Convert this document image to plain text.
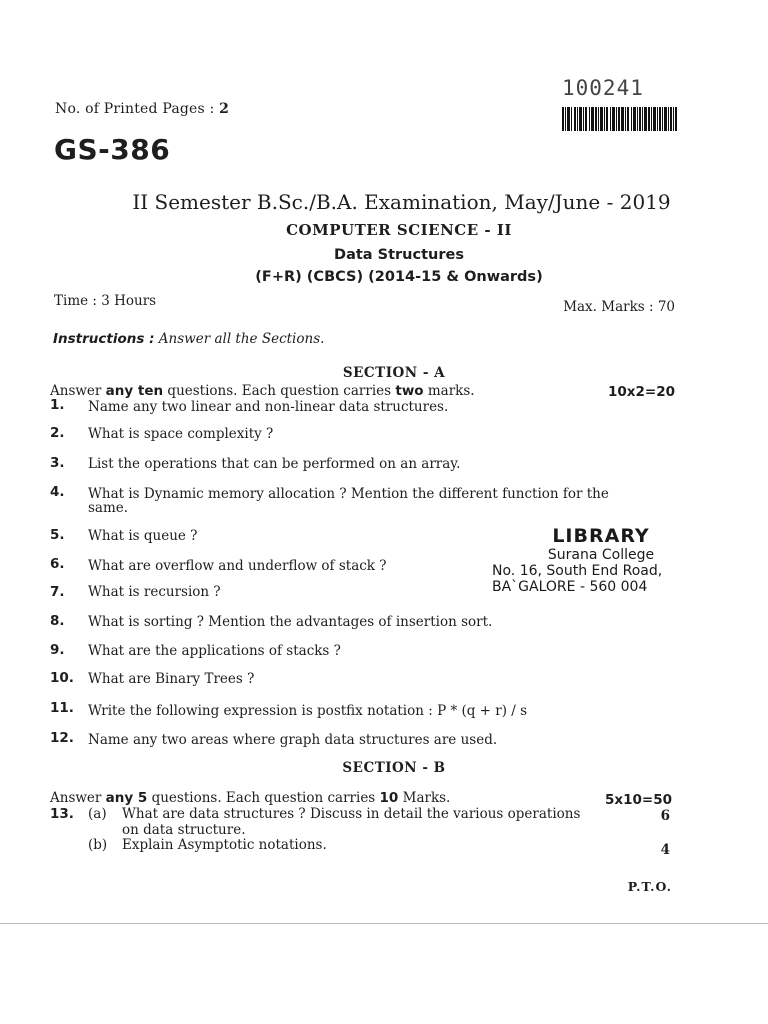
No. of Printed Pages : 2
100241
GS-386
II Semester B.Sc./B.A. Examination, May/June - 2019
COMPUTER SCIENCE - II
Data Structures
(F+R) (CBCS) (2014-15 & Onwards)
Time : 3 Hours	Max. Marks : 70
Instructions : Answer all the Sections.
SECTION - A
Answer any ten questions. Each question carries two marks.	10x2=20
1. Name any two linear and non-linear data structures.
2. What is space complexity ?
3. List the operations that can be performed on an array.
4. What is Dynamic memory allocation ? Mention the different function for the
same.
5. What is queue ?
6. What are overflow and underflow of stack ?
7. What is recursion ?
8. What is sorting ? Mention the advantages of insertion sort.
9. What are the applications of stacks ?
10. What are Binary Trees ?
11. Write the following expression is postfix notation : P * (q + r) / s
12. Name any two areas where graph data structures are used.
LIBRARY
Surana College
No. 16, South End Road,
BA`GALORE - 560 004
SECTION - B
Answer any 5 questions. Each question carries 10 Marks.	5x10=50
13. (a) What are data structures ? Discuss in detail the various operations
on data structure.
6
(b) Explain Asymptotic notations.	4
P.T.O.
